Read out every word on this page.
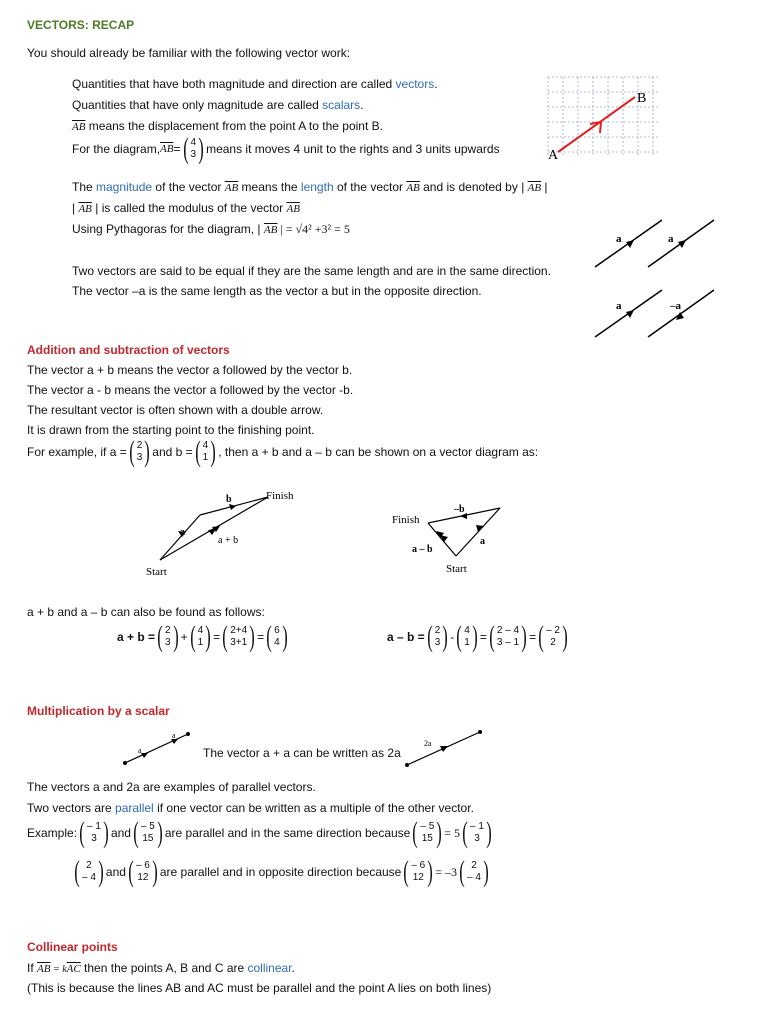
VECTORS: RECAP
You should already be familiar with the following vector work:
Quantities that have both magnitude and direction are called vectors.
Quantities that have only magnitude are called scalars.
$\overline{AB}$ means the displacement from the point A to the point B.
For the diagram, $\overline{AB}$ = ( 4
3 ) means it moves 4 unit to the rights and 3 units upwards
The magnitude of the vector $\overline{AB}$ means the length of the vector $\overline{AB}$ and is denoted by | $\overline{AB}$ |
| $\overline{AB}$ | is called the modulus of the vector $\overline{AB}$
Using Pythagoras for the diagram, | $\overline{AB}$ | = √4² +3² = 5
Two vectors are said to be equal if they are the same length and are in the same direction.
The vector –a is the same length as the vector a but in the opposite direction.
A
B
a	a
a	–a
Addition and subtraction of vectors
The vector a + b means the vector a followed by the vector b.
The vector a - b means the vector a followed by the vector -b.
The resultant vector is often shown with a double arrow.
It is drawn from the starting point to the finishing point.
For example, if a = ( 2
3 ) and b = ( 4
1 ) , then a + b and a – b can be shown on a vector diagram as:
Finish
Start
a
b
a + b
Finish
Start
a
–b
a – b
a + b and a – b can also be found as follows:
a + b = ( 2
3 ) + ( 4
1 ) = ( 2+4
3+1 ) = ( 6
4 )	a – b = ( 2
3 ) - ( 4
1 ) = ( 2 – 4
3 – 1 ) = ( – 2
2 )
Multiplication by a scalar
a
a
The vector a + a can be written as 2a
2a
The vectors a and 2a are examples of parallel vectors.
Two vectors are parallel if one vector can be written as a multiple of the other vector.
Example: ( – 1
3 ) and ( – 5
15 ) are parallel and in the same direction because ( – 5
15 ) = 5 ( – 1
3 )
( 2
– 4 ) and ( – 6
12 ) are parallel and in opposite direction because ( – 6
12 ) = –3 ( 2
– 4 )
Collinear points
If $\overline{AB} = k\overline{AC}$ then the points A, B and C are collinear.
(This is because the lines AB and AC must be parallel and the point A lies on both lines)
